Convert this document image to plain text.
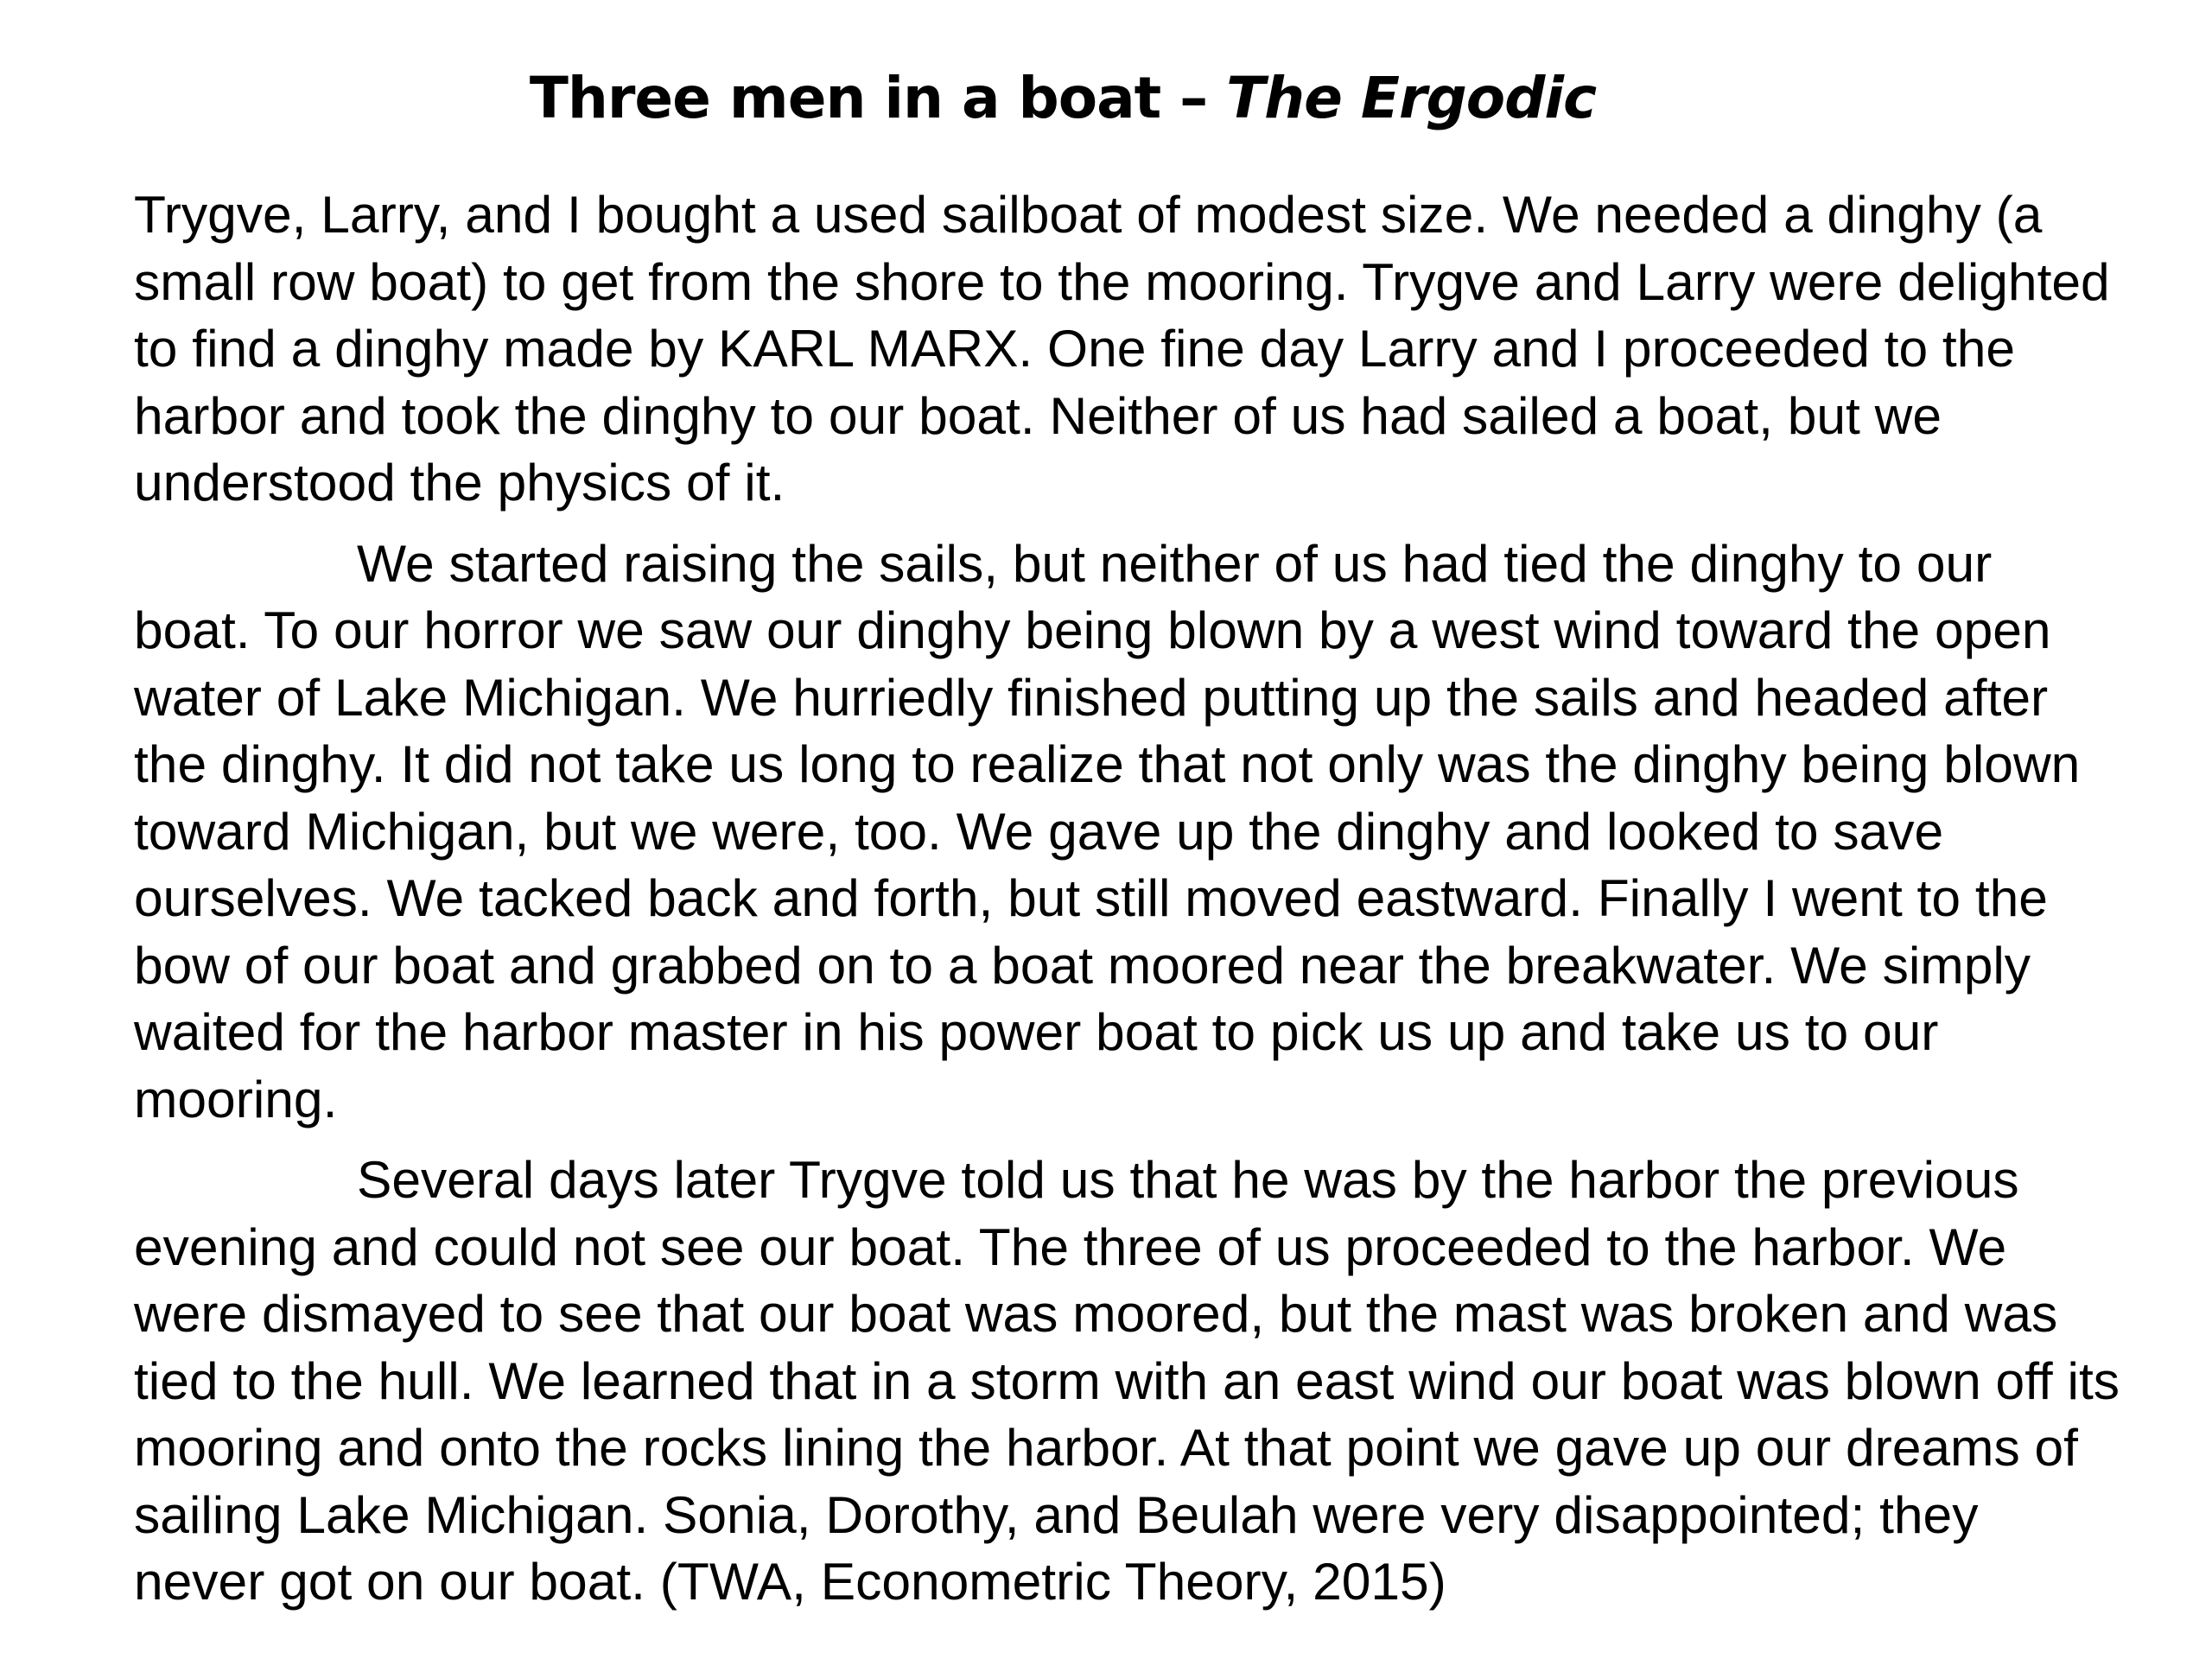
Three men in a boat – The Ergodic

Trygve, Larry, and I bought a used sailboat of modest size. We needed a dinghy (a small row boat) to get from the shore to the mooring. Trygve and Larry were delighted to find a dinghy made by KARL MARX. One fine day Larry and I proceeded to the harbor and took the dinghy to our boat. Neither of us had sailed a boat, but we understood the physics of it.

We started raising the sails, but neither of us had tied the dinghy to our boat. To our horror we saw our dinghy being blown by a west wind toward the open water of Lake Michigan. We hurriedly finished putting up the sails and headed after the dinghy. It did not take us long to realize that not only was the dinghy being blown toward Michigan, but we were, too. We gave up the dinghy and looked to save ourselves. We tacked back and forth, but still moved eastward. Finally I went to the bow of our boat and grabbed on to a boat moored near the breakwater. We simply waited for the harbor master in his power boat to pick us up and take us to our mooring.

Several days later Trygve told us that he was by the harbor the previous evening and could not see our boat. The three of us proceeded to the harbor. We were dismayed to see that our boat was moored, but the mast was broken and was tied to the hull. We learned that in a storm with an east wind our boat was blown off its mooring and onto the rocks lining the harbor. At that point we gave up our dreams of sailing Lake Michigan. Sonia, Dorothy, and Beulah were very disappointed; they never got on our boat. (TWA, Econometric Theory, 2015)
